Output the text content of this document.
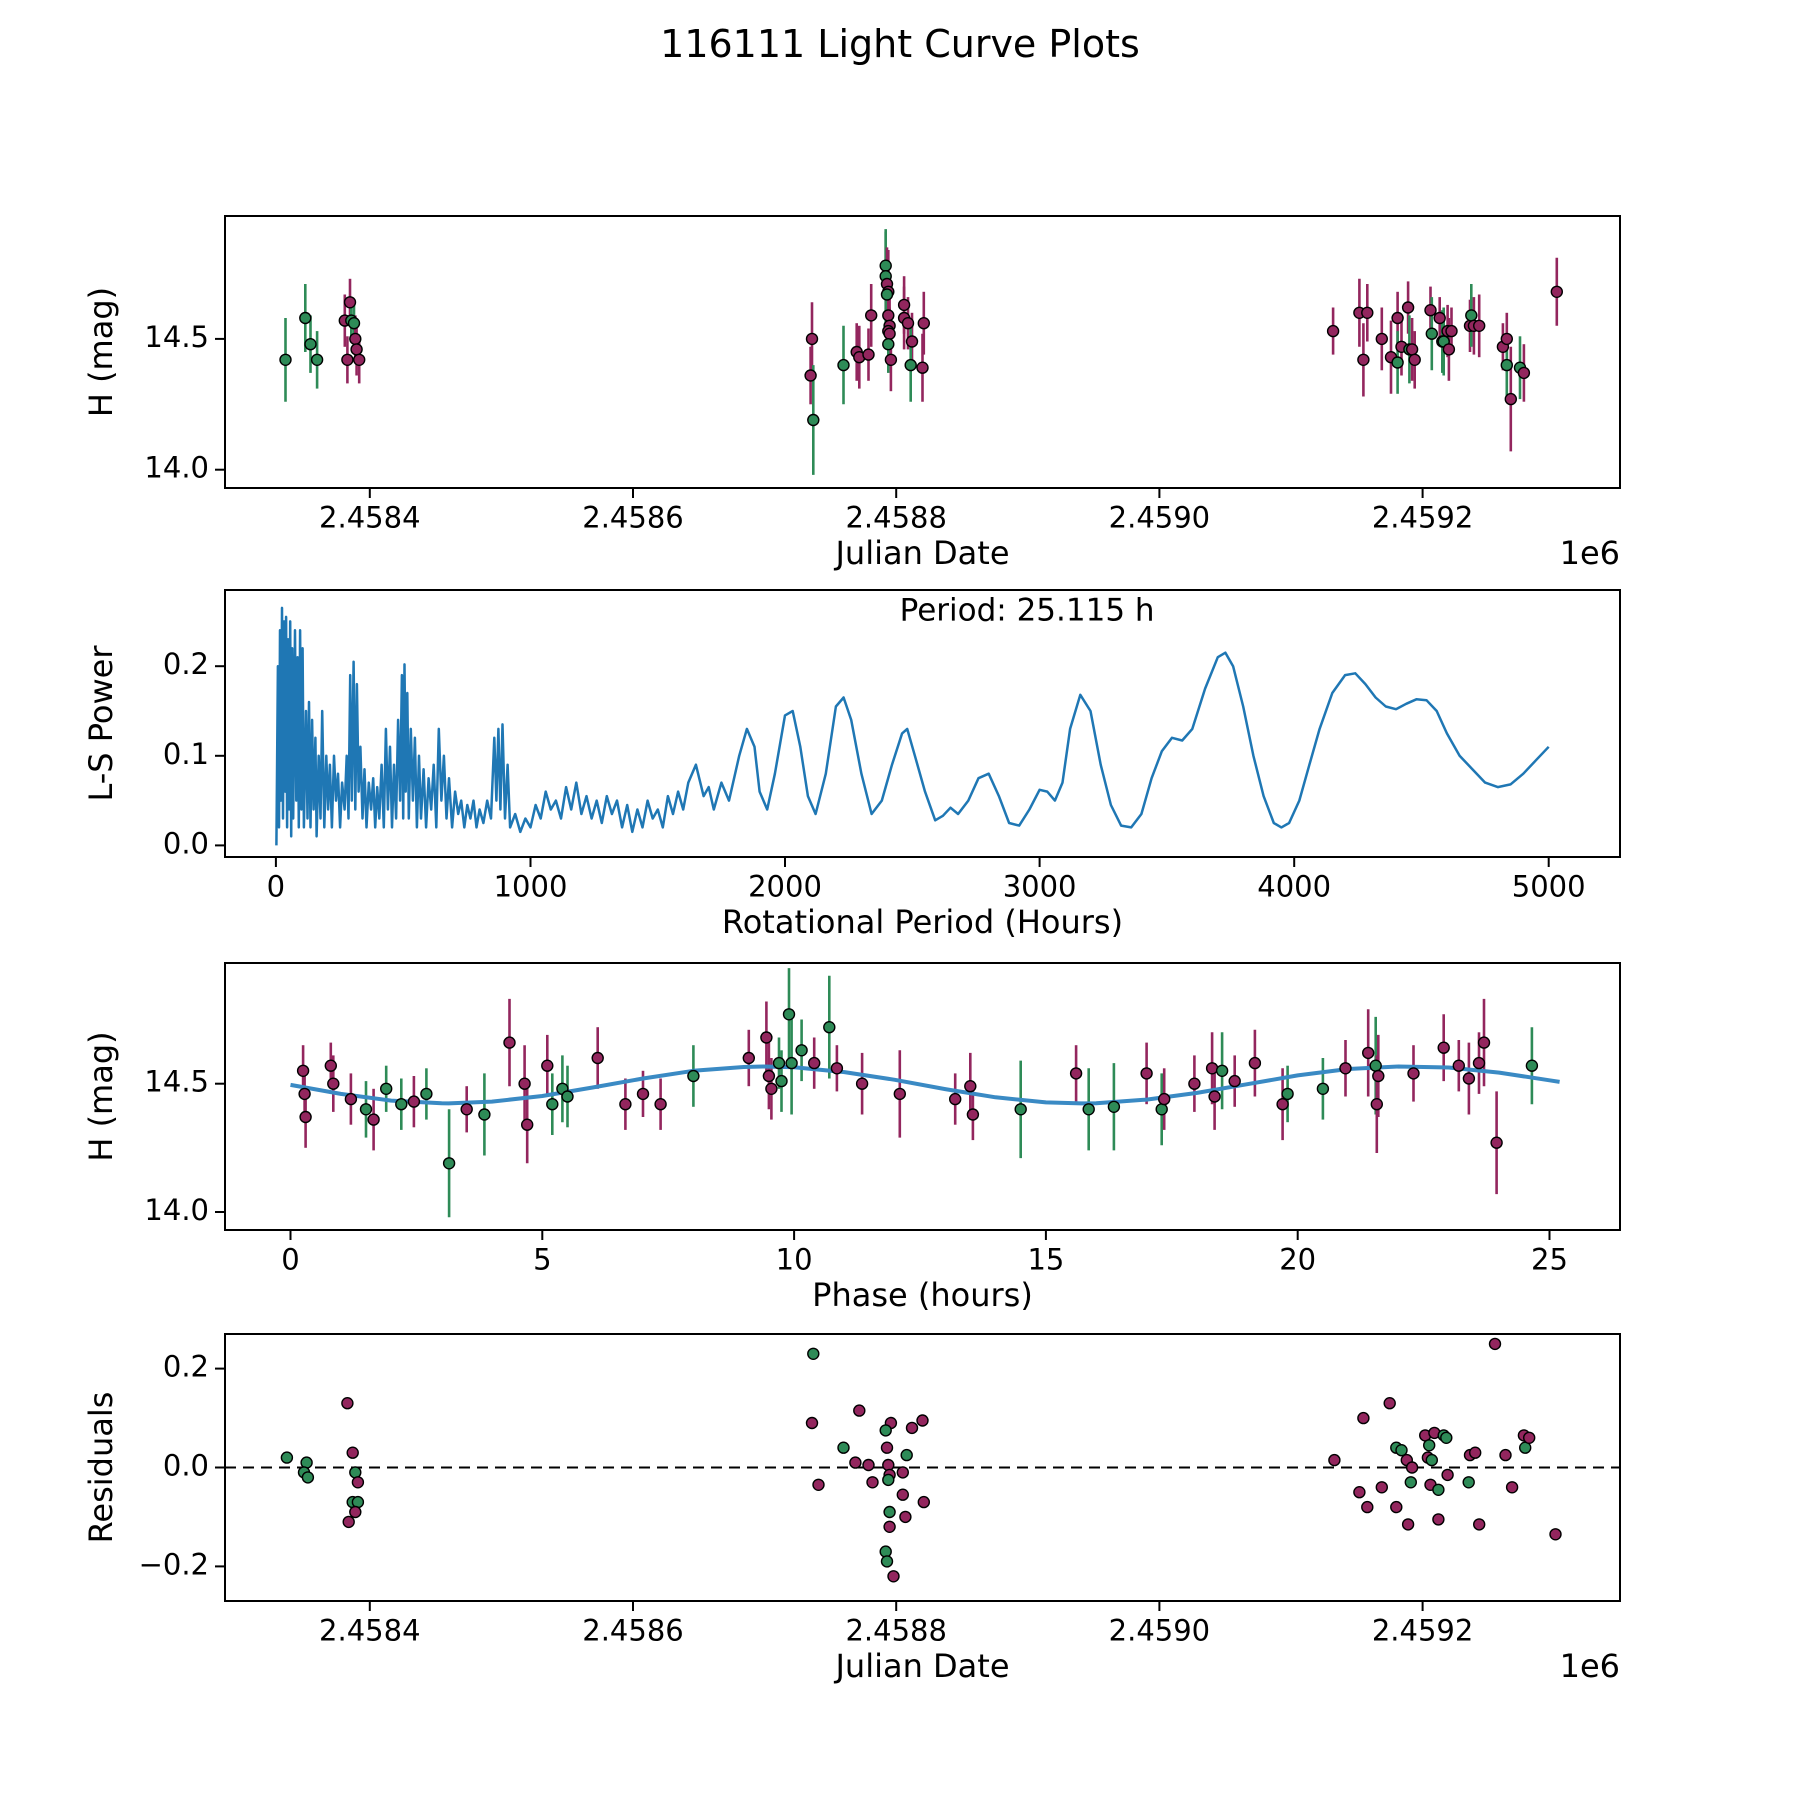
116111 Light Curve Plots
2.4584	2.4586	2.4588	2.4590	2.4592
14.0
14.5
Julian Date
H (mag)
1e6
0	1000	2000	3000	4000	5000
0.0
0.1
0.2
Rotational Period (Hours)
L-S Power
Period: 25.115 h
0	5	10	15	20	25
14.0
14.5
Phase (hours)
H (mag)
2.4584	2.4586	2.4588	2.4590	2.4592
−0.2
0.0
0.2
Julian Date
Residuals
1e6
